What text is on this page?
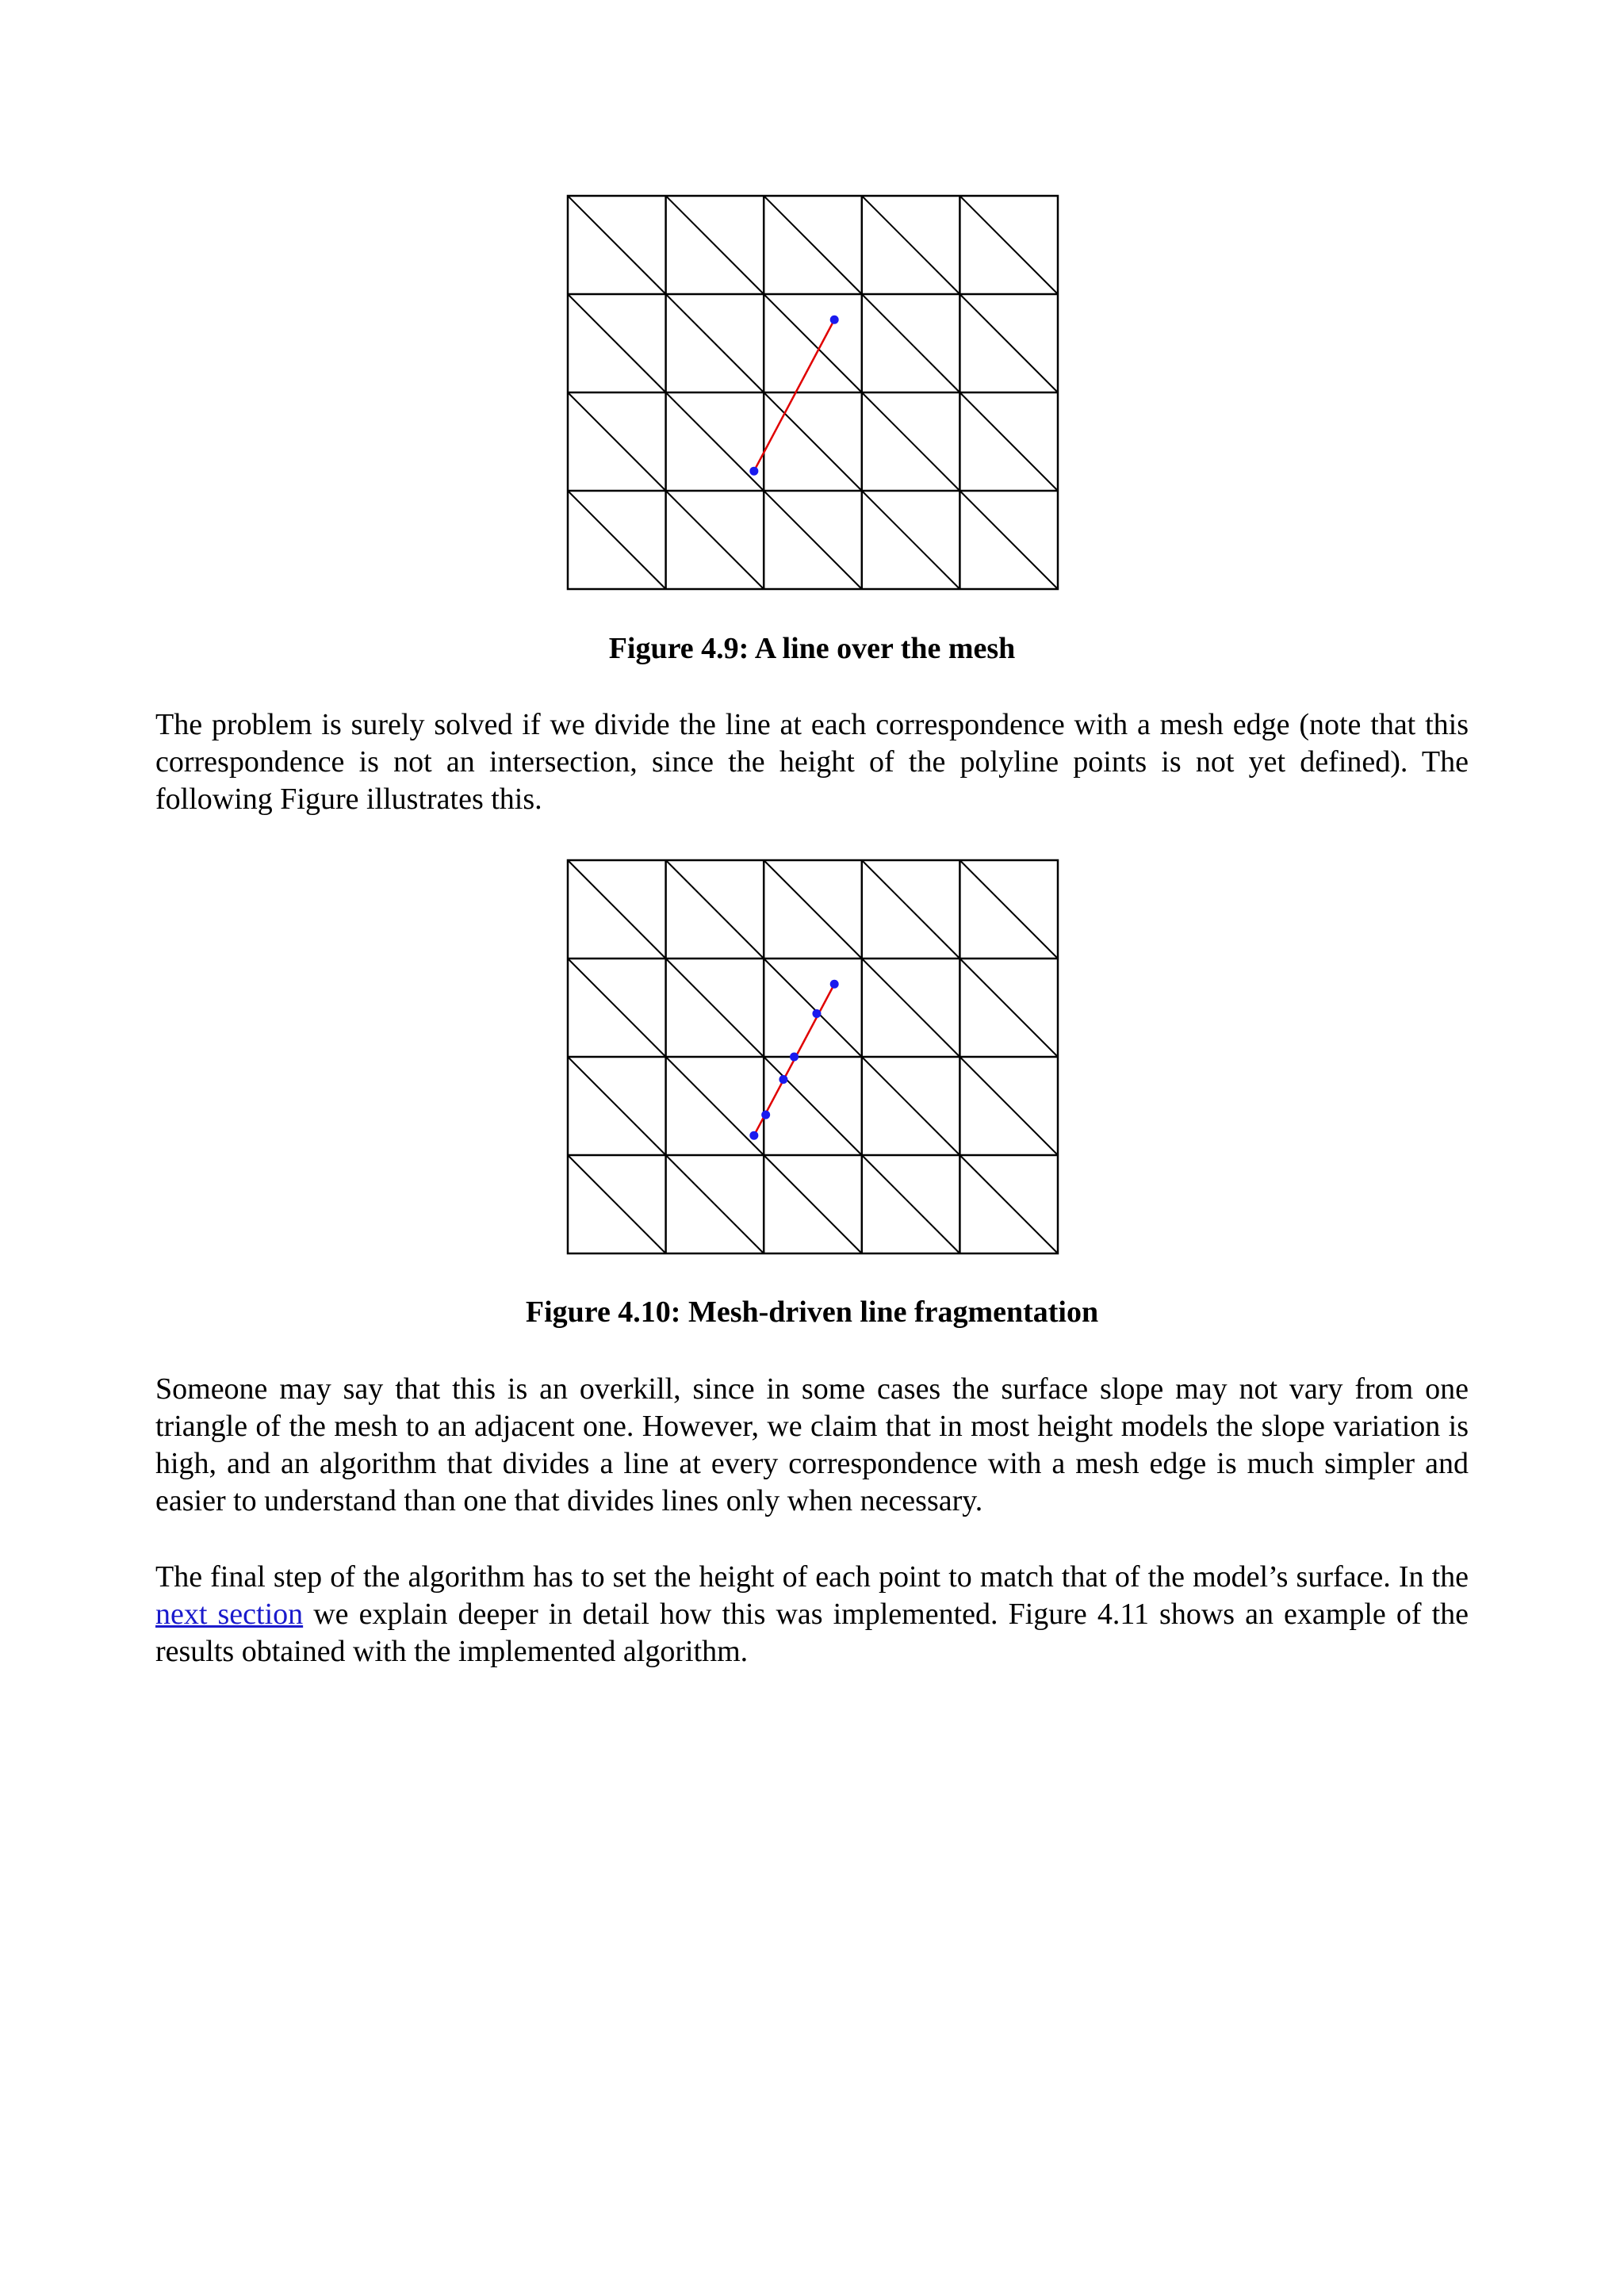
Figure 4.9: A line over the mesh

The problem is surely solved if we divide the line at each correspondence with a mesh edge (note that this correspondence is not an intersection, since the height of the polyline points is not yet defined). The following Figure illustrates this.

Figure 4.10: Mesh-driven line fragmentation

Someone may say that this is an overkill, since in some cases the surface slope may not vary from one triangle of the mesh to an adjacent one. However, we claim that in most height models the slope variation is high, and an algorithm that divides a line at every correspondence with a mesh edge is much simpler and easier to understand than one that divides lines only when necessary.

The final step of the algorithm has to set the height of each point to match that of the model’s surface. In the next section we explain deeper in detail how this was implemented. Figure 4.11 shows an example of the results obtained with the implemented algorithm.
